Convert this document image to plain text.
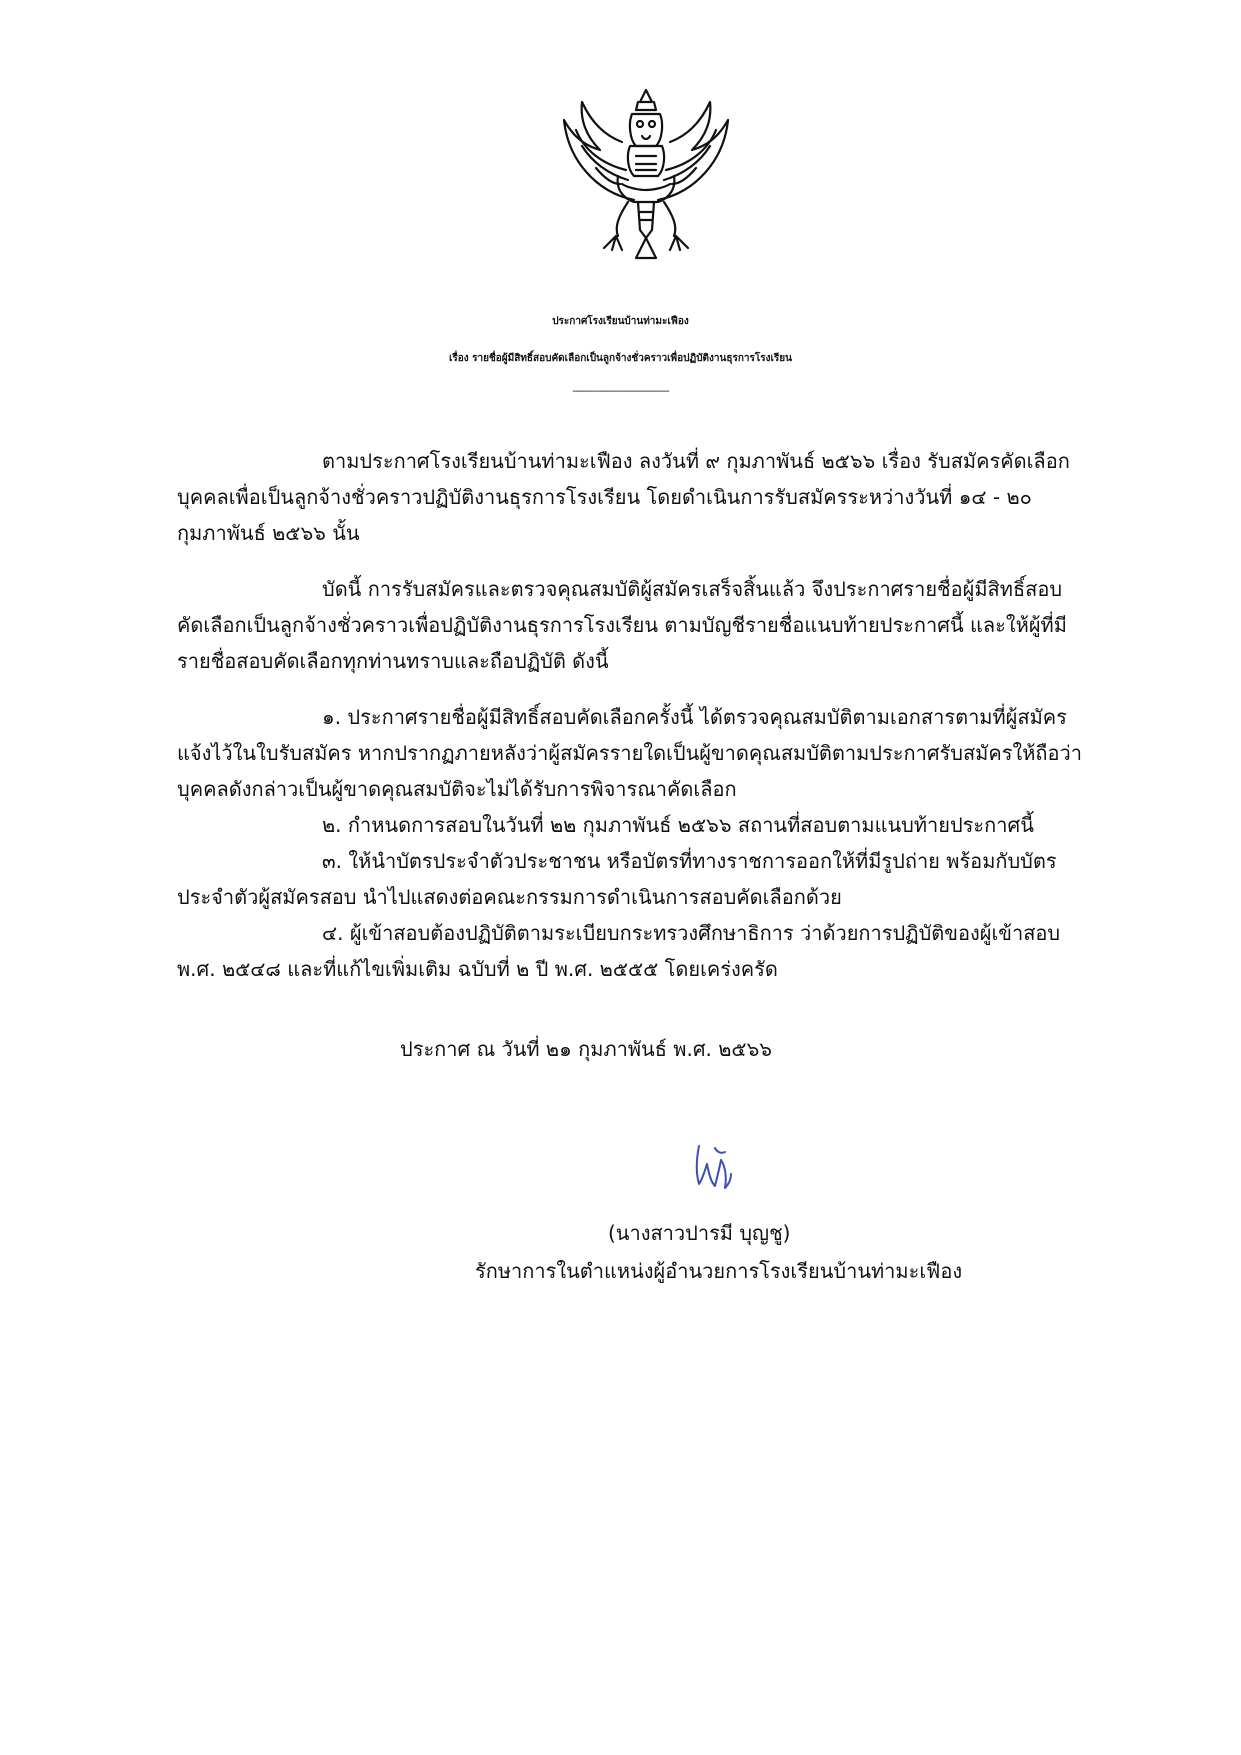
ประกาศโรงเรียนบ้านท่ามะเฟือง
เรื่อง รายชื่อผู้มีสิทธิ์สอบคัดเลือกเป็นลูกจ้างชั่วคราวเพื่อปฏิบัติงานธุรการโรงเรียน
-------------------------------------
ตามประกาศโรงเรียนบ้านท่ามะเฟือง ลงวันที่ ๙ กุมภาพันธ์ ๒๕๖๖ เรื่อง รับสมัครคัดเลือก
บุคคลเพื่อเป็นลูกจ้างชั่วคราวปฏิบัติงานธุรการโรงเรียน โดยดำเนินการรับสมัครระหว่างวันที่ ๑๔ - ๒๐
กุมภาพันธ์ ๒๕๖๖ นั้น
บัดนี้ การรับสมัครและตรวจคุณสมบัติผู้สมัครเสร็จสิ้นแล้ว จึงประกาศรายชื่อผู้มีสิทธิ์สอบ
คัดเลือกเป็นลูกจ้างชั่วคราวเพื่อปฏิบัติงานธุรการโรงเรียน ตามบัญชีรายชื่อแนบท้ายประกาศนี้ และให้ผู้ที่มี
รายชื่อสอบคัดเลือกทุกท่านทราบและถือปฏิบัติ ดังนี้
๑. ประกาศรายชื่อผู้มีสิทธิ์สอบคัดเลือกครั้งนี้ ได้ตรวจคุณสมบัติตามเอกสารตามที่ผู้สมัคร
แจ้งไว้ในใบรับสมัคร หากปรากฏภายหลังว่าผู้สมัครรายใดเป็นผู้ขาดคุณสมบัติตามประกาศรับสมัครให้ถือว่า
บุคคลดังกล่าวเป็นผู้ขาดคุณสมบัติจะไม่ได้รับการพิจารณาคัดเลือก
๒. กำหนดการสอบในวันที่ ๒๒ กุมภาพันธ์ ๒๕๖๖ สถานที่สอบตามแนบท้ายประกาศนี้
๓. ให้นำบัตรประจำตัวประชาชน หรือบัตรที่ทางราชการออกให้ที่มีรูปถ่าย พร้อมกับบัตร
ประจำตัวผู้สมัครสอบ นำไปแสดงต่อคณะกรรมการดำเนินการสอบคัดเลือกด้วย
๔. ผู้เข้าสอบต้องปฏิบัติตามระเบียบกระทรวงศึกษาธิการ ว่าด้วยการปฏิบัติของผู้เข้าสอบ
พ.ศ. ๒๕๔๘ และที่แก้ไขเพิ่มเติม ฉบับที่ ๒ ปี พ.ศ. ๒๕๕๕ โดยเคร่งครัด
ประกาศ ณ วันที่ ๒๑ กุมภาพันธ์ พ.ศ. ๒๕๖๖
(นางสาวปารมี บุญชู)
รักษาการในตำแหน่งผู้อำนวยการโรงเรียนบ้านท่ามะเฟือง
